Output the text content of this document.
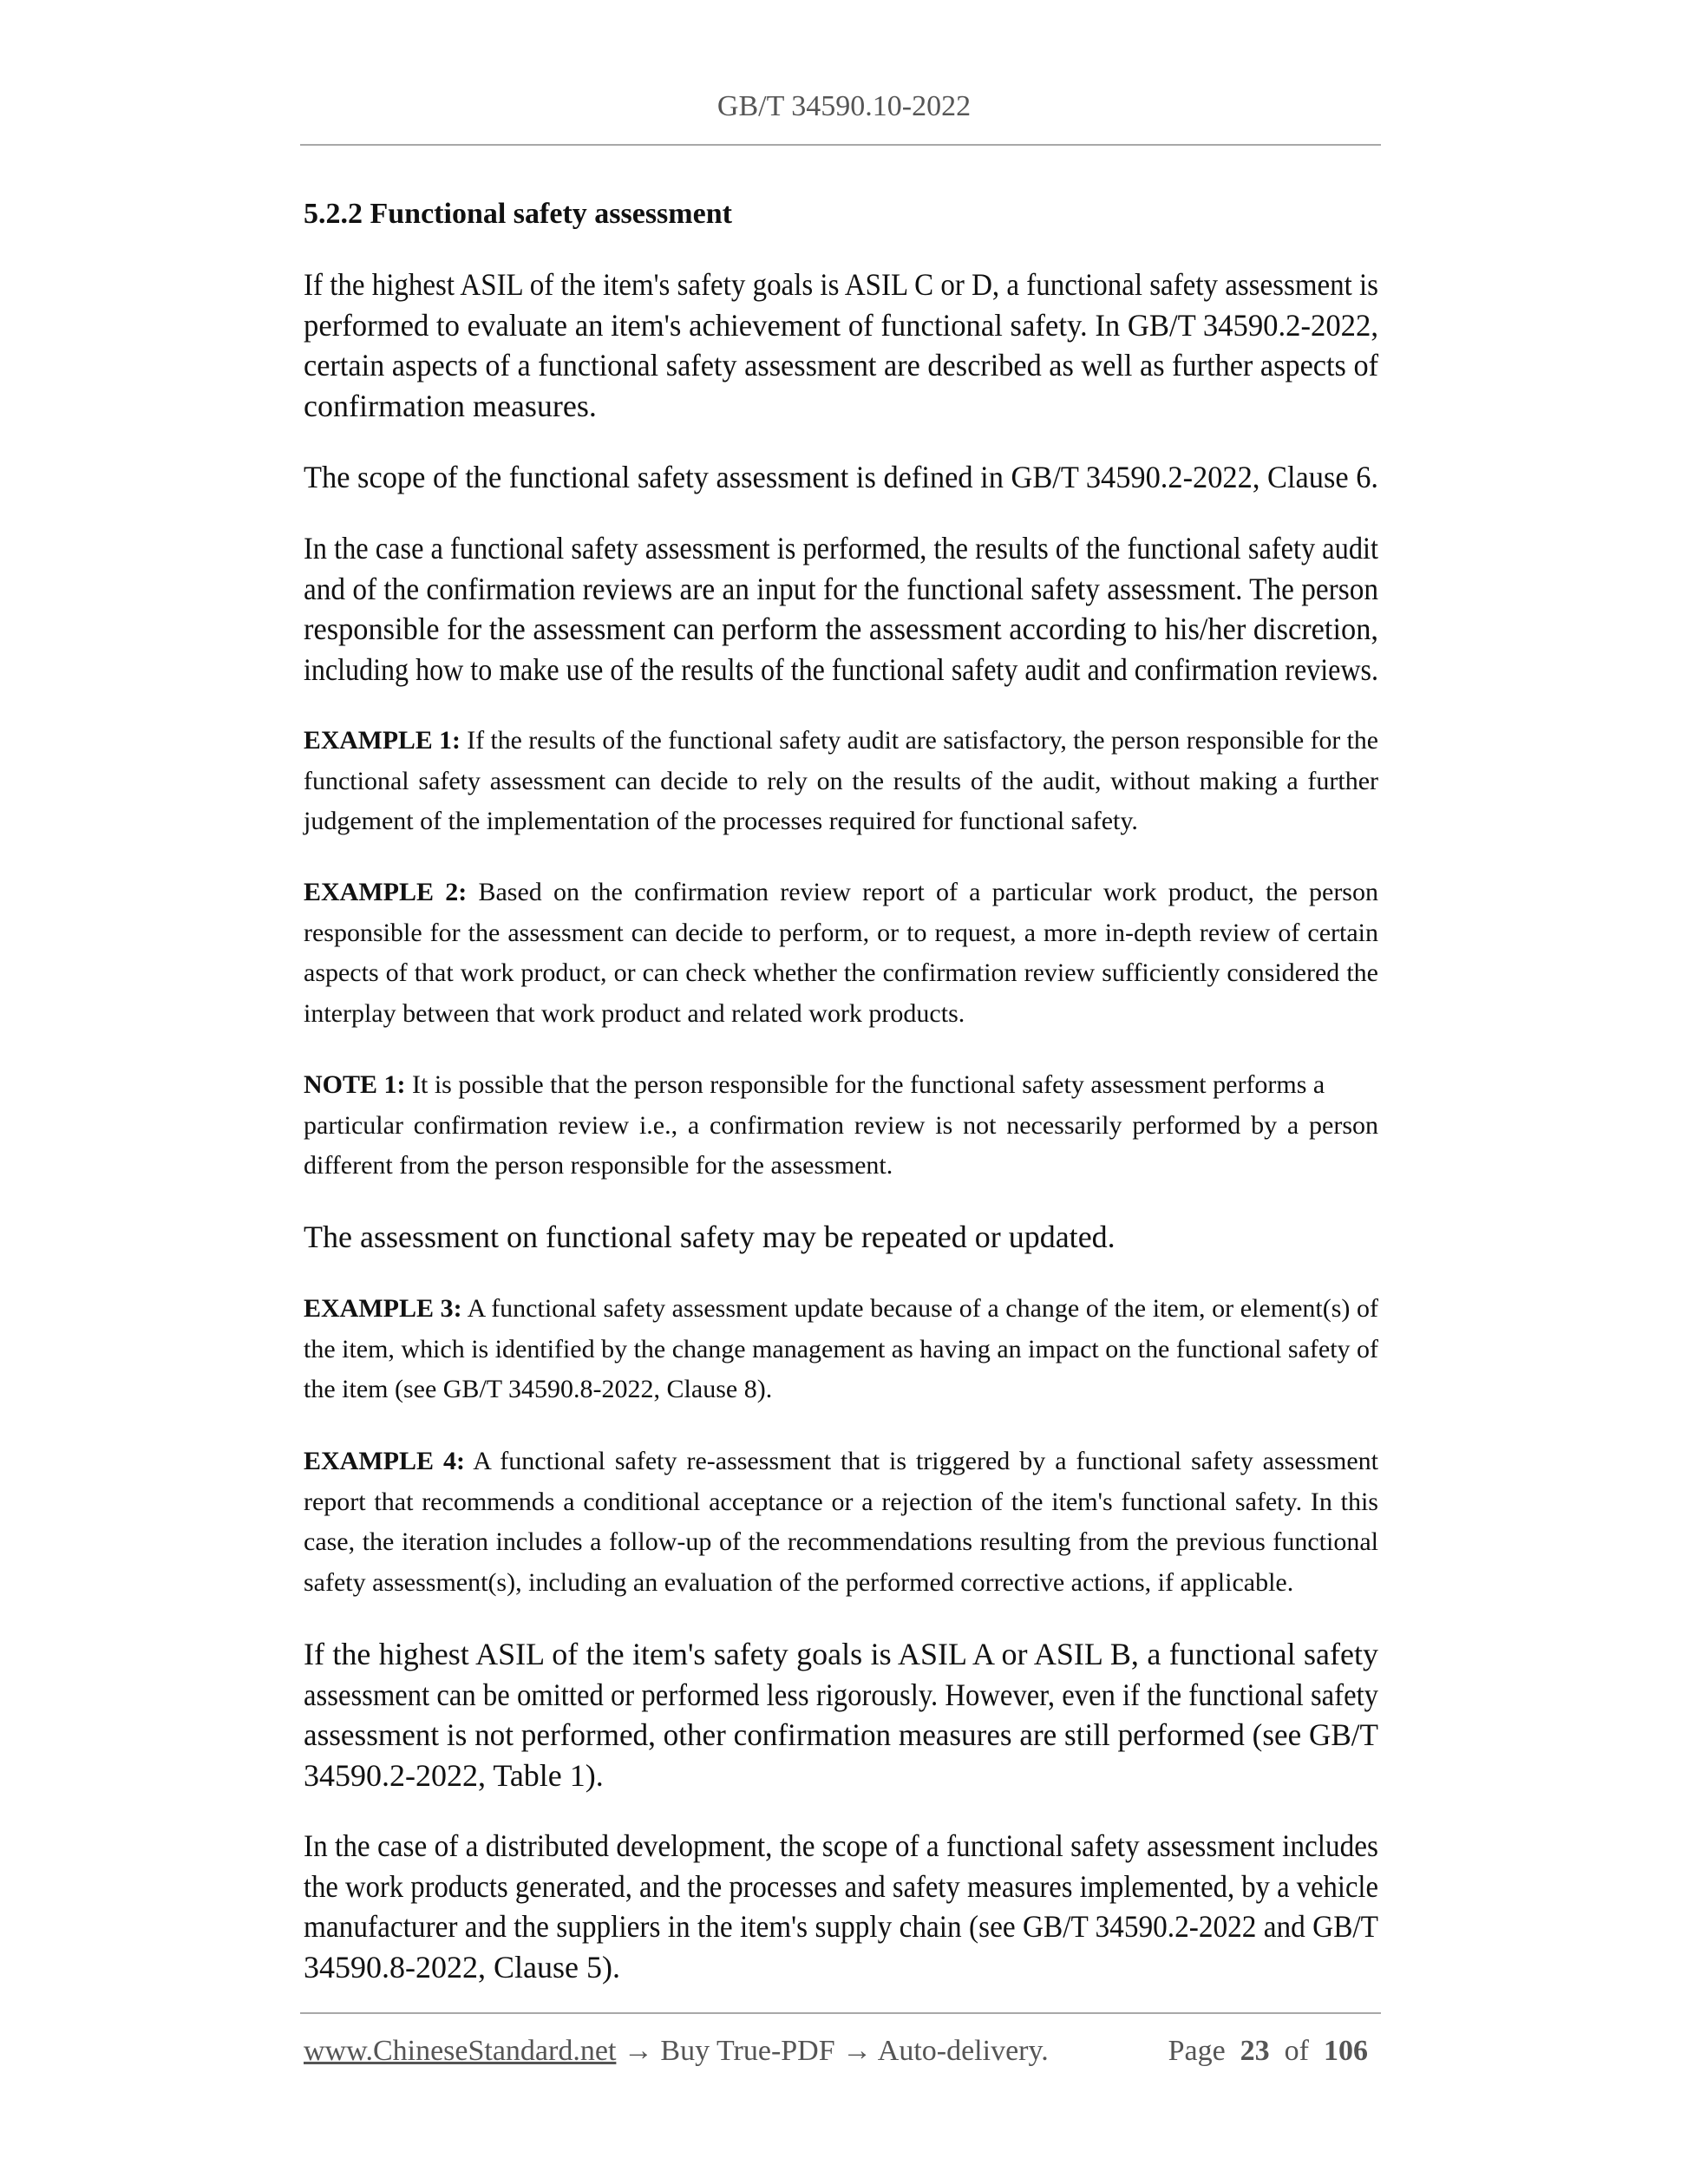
GB/T 34590.10-2022
5.2.2 Functional safety assessment
If the highest ASIL of the item's safety goals is ASIL C or D, a functional safety assessment is
performed to evaluate an item's achievement of functional safety. In GB/T 34590.2-2022,
certain aspects of a functional safety assessment are described as well as further aspects of
confirmation measures.
The scope of the functional safety assessment is defined in GB/T 34590.2-2022, Clause 6.
In the case a functional safety assessment is performed, the results of the functional safety audit
and of the confirmation reviews are an input for the functional safety assessment. The person
responsible for the assessment can perform the assessment according to his/her discretion,
including how to make use of the results of the functional safety audit and confirmation reviews.
EXAMPLE 1: If the results of the functional safety audit are satisfactory, the person responsible for the
functional safety assessment can decide to rely on the results of the audit, without making a further
judgement of the implementation of the processes required for functional safety.
EXAMPLE 2: Based on the confirmation review report of a particular work product, the person
responsible for the assessment can decide to perform, or to request, a more in-depth review of certain
aspects of that work product, or can check whether the confirmation review sufficiently considered the
interplay between that work product and related work products.
NOTE 1: It is possible that the person responsible for the functional safety assessment performs a
particular confirmation review i.e., a confirmation review is not necessarily performed by a person
different from the person responsible for the assessment.
The assessment on functional safety may be repeated or updated.
EXAMPLE 3: A functional safety assessment update because of a change of the item, or element(s) of
the item, which is identified by the change management as having an impact on the functional safety of
the item (see GB/T 34590.8-2022, Clause 8).
EXAMPLE 4: A functional safety re-assessment that is triggered by a functional safety assessment
report that recommends a conditional acceptance or a rejection of the item's functional safety. In this
case, the iteration includes a follow-up of the recommendations resulting from the previous functional
safety assessment(s), including an evaluation of the performed corrective actions, if applicable.
If the highest ASIL of the item's safety goals is ASIL A or ASIL B, a functional safety
assessment can be omitted or performed less rigorously. However, even if the functional safety
assessment is not performed, other confirmation measures are still performed (see GB/T
34590.2-2022, Table 1).
In the case of a distributed development, the scope of a functional safety assessment includes
the work products generated, and the processes and safety measures implemented, by a vehicle
manufacturer and the suppliers in the item's supply chain (see GB/T 34590.2-2022 and GB/T
34590.8-2022, Clause 5).
www.ChineseStandard.net → Buy True-PDF → Auto-delivery.	Page 23 of 106
